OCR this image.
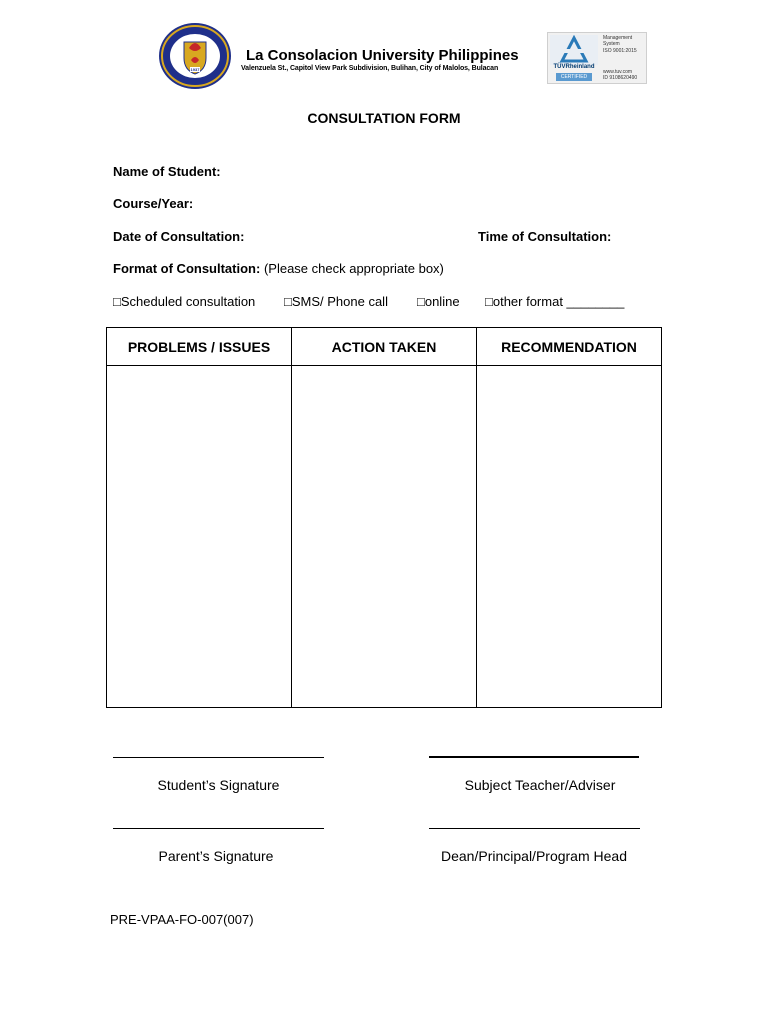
1937
La Consolacion University Philippines
Valenzuela St., Capitol View Park Subdivision, Bulihan, City of Malolos, Bulacan	TÜVRheinland
CERTIFIED
Management
System
ISO 9001:2015
www.tuv.com
ID 9108620490
CONSULTATION FORM
Name of Student:
Course/Year:
Date of Consultation:	Time of Consultation:
Format of Consultation: (Please check appropriate box)
□Scheduled consultation □SMS/ Phone call □online □other format ________
PROBLEMS / ISSUES	ACTION TAKEN	RECOMMENDATION

Student’s Signature	Subject Teacher/Adviser
Parent’s Signature	Dean/Principal/Program Head
PRE-VPAA-FO-007(007)
